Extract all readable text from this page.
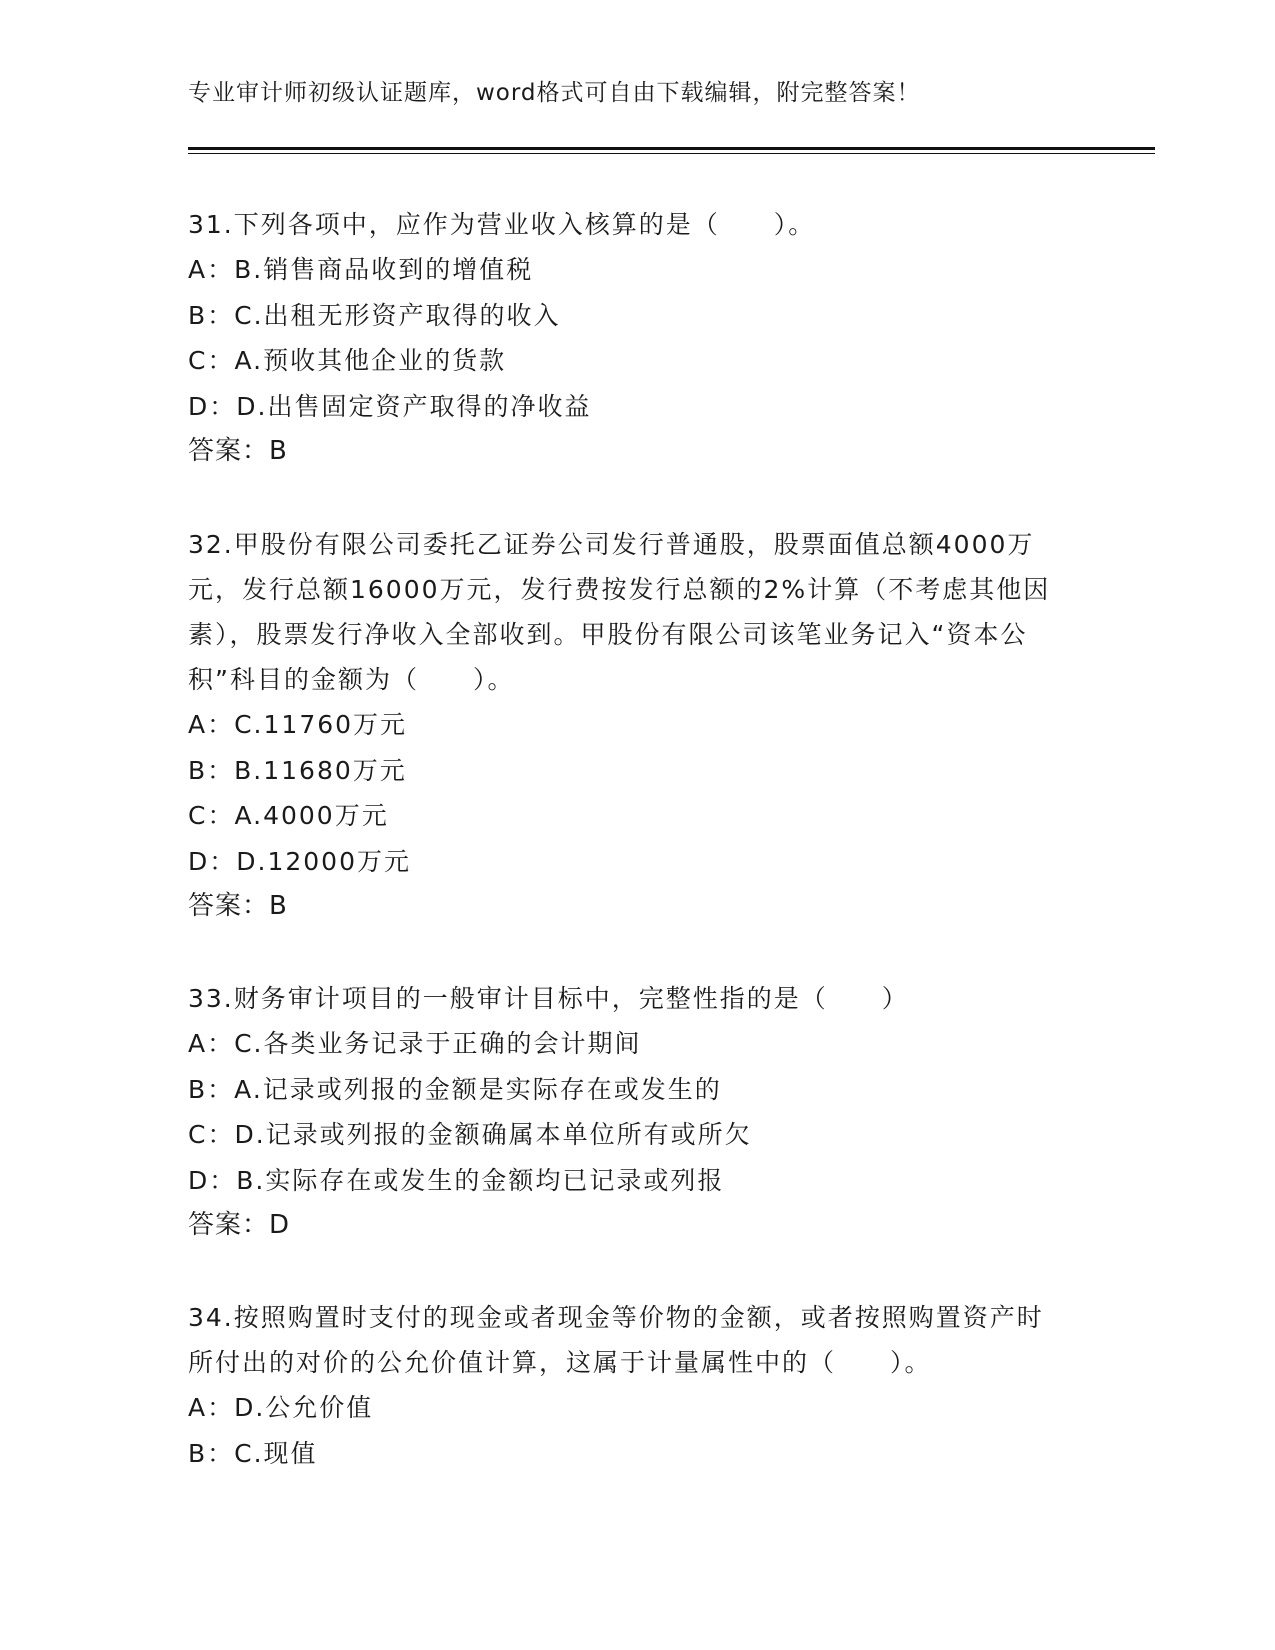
专业审计师初级认证题库，word格式可自由下载编辑，附完整答案！

31.下列各项中，应作为营业收入核算的是（　　）。

A：B.销售商品收到的增值税

B：C.出租无形资产取得的收入

C：A.预收其他企业的货款

D：D.出售固定资产取得的净收益

答案：B

32.甲股份有限公司委托乙证券公司发行普通股，股票面值总额4000万元，发行总额16000万元，发行费按发行总额的2%计算（不考虑其他因素），股票发行净收入全部收到。甲股份有限公司该笔业务记入“资本公积”科目的金额为（　　）。

A：C.11760万元

B：B.11680万元

C：A.4000万元

D：D.12000万元

答案：B

33.财务审计项目的一般审计目标中，完整性指的是（　　）

A：C.各类业务记录于正确的会计期间

B：A.记录或列报的金额是实际存在或发生的

C：D.记录或列报的金额确属本单位所有或所欠

D：B.实际存在或发生的金额均已记录或列报

答案：D

34.按照购置时支付的现金或者现金等价物的金额，或者按照购置资产时所付出的对价的公允价值计算，这属于计量属性中的（　　）。

A：D.公允价值

B：C.现值
